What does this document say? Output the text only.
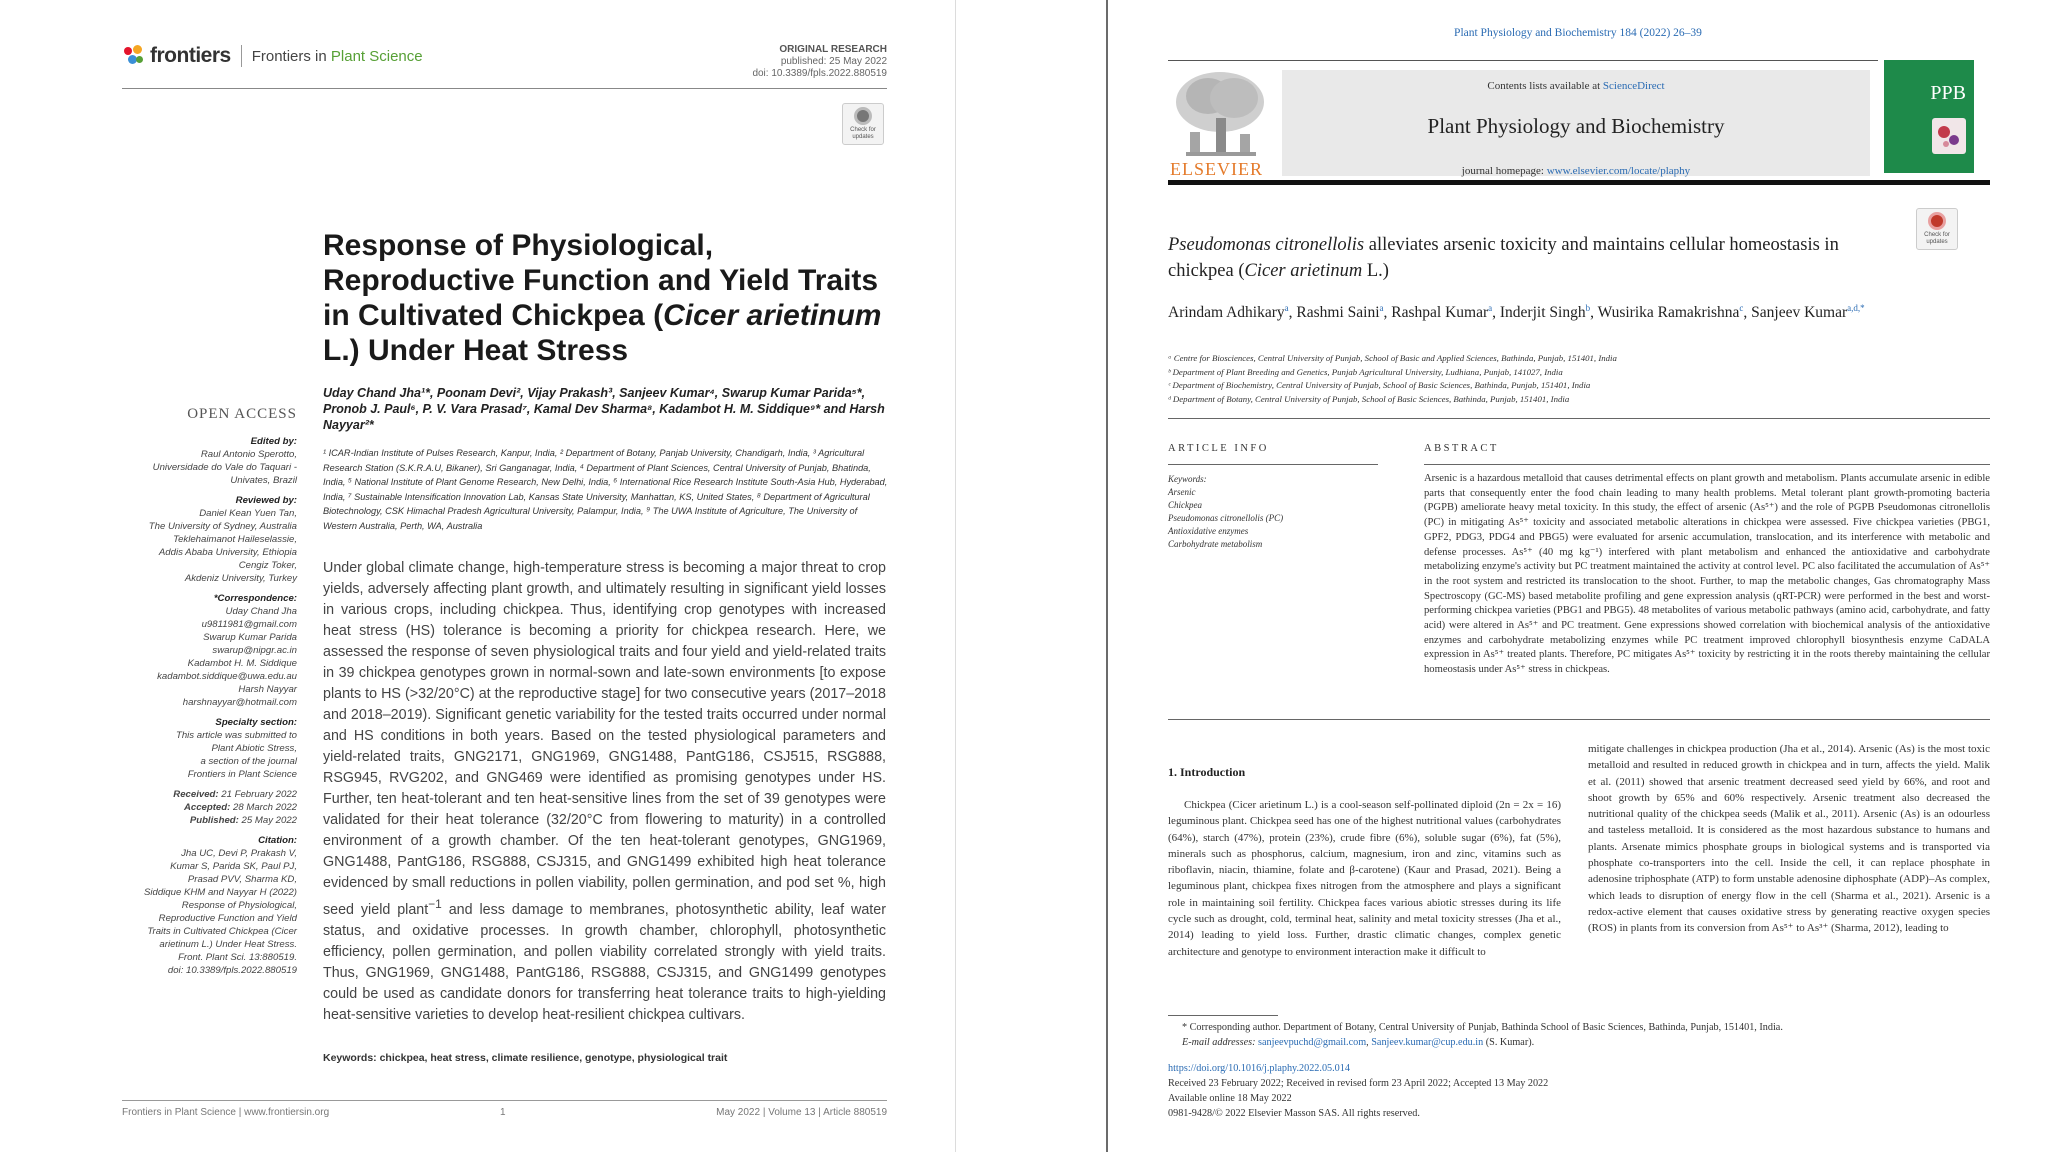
frontiers Frontiers in Plant Science	ORIGINAL RESEARCH
published: 25 May 2022
doi: 10.3389/fpls.2022.880519
Check for updates
Response of Physiological, Reproductive Function and Yield Traits in Cultivated Chickpea (Cicer arietinum L.) Under Heat Stress
Uday Chand Jha¹*, Poonam Devi², Vijay Prakash³, Sanjeev Kumar⁴, Swarup Kumar Parida⁵*, Pronob J. Paul⁶, P. V. Vara Prasad⁷, Kamal Dev Sharma⁸, Kadambot H. M. Siddique⁹* and Harsh Nayyar²*
¹ ICAR-Indian Institute of Pulses Research, Kanpur, India, ² Department of Botany, Panjab University, Chandigarh, India, ³ Agricultural Research Station (S.K.R.A.U, Bikaner), Sri Ganganagar, India, ⁴ Department of Plant Sciences, Central University of Punjab, Bhatinda, India, ⁵ National Institute of Plant Genome Research, New Delhi, India, ⁶ International Rice Research Institute South-Asia Hub, Hyderabad, India, ⁷ Sustainable Intensification Innovation Lab, Kansas State University, Manhattan, KS, United States, ⁸ Department of Agricultural Biotechnology, CSK Himachal Pradesh Agricultural University, Palampur, India, ⁹ The UWA Institute of Agriculture, The University of Western Australia, Perth, WA, Australia

Under global climate change, high-temperature stress is becoming a major threat to crop yields, adversely affecting plant growth, and ultimately resulting in significant yield losses in various crops, including chickpea. Thus, identifying crop genotypes with increased heat stress (HS) tolerance is becoming a priority for chickpea research. Here, we assessed the response of seven physiological traits and four yield and yield-related traits in 39 chickpea genotypes grown in normal-sown and late-sown environments [to expose plants to HS (>32/20°C) at the reproductive stage] for two consecutive years (2017–2018 and 2018–2019). Significant genetic variability for the tested traits occurred under normal and HS conditions in both years. Based on the tested physiological parameters and yield-related traits, GNG2171, GNG1969, GNG1488, PantG186, CSJ515, RSG888, RSG945, RVG202, and GNG469 were identified as promising genotypes under HS. Further, ten heat-tolerant and ten heat-sensitive lines from the set of 39 genotypes were validated for their heat tolerance (32/20°C from flowering to maturity) in a controlled environment of a growth chamber. Of the ten heat-tolerant genotypes, GNG1969, GNG1488, PantG186, RSG888, CSJ315, and GNG1499 exhibited high heat tolerance evidenced by small reductions in pollen viability, pollen germination, and pod set %, high seed yield plant$^{-1}$ and less damage to membranes, photosynthetic ability, leaf water status, and oxidative processes. In growth chamber, chlorophyll, photosynthetic efficiency, pollen germination, and pollen viability correlated strongly with yield traits. Thus, GNG1969, GNG1488, PantG186, RSG888, CSJ315, and GNG1499 genotypes could be used as candidate donors for transferring heat tolerance traits to high-yielding heat-sensitive varieties to develop heat-resilient chickpea cultivars.

Keywords: chickpea, heat stress, climate resilience, genotype, physiological trait
OPEN ACCESS
Edited by:
Raul Antonio Sperotto,
Universidade do Vale do Taquari -
Univates, Brazil
Reviewed by:
Daniel Kean Yuen Tan,
The University of Sydney, Australia
Teklehaimanot Haileselassie,
Addis Ababa University, Ethiopia
Cengiz Toker,
Akdeniz University, Turkey
*Correspondence:
Uday Chand Jha
u9811981@gmail.com
Swarup Kumar Parida
swarup@nipgr.ac.in
Kadambot H. M. Siddique
kadambot.siddique@uwa.edu.au
Harsh Nayyar
harshnayyar@hotmail.com
Specialty section:
This article was submitted to
Plant Abiotic Stress,
a section of the journal
Frontiers in Plant Science
Received: 21 February 2022
Accepted: 28 March 2022
Published: 25 May 2022
Citation:
Jha UC, Devi P, Prakash V,
Kumar S, Parida SK, Paul PJ,
Prasad PVV, Sharma KD,
Siddique KHM and Nayyar H (2022)
Response of Physiological,
Reproductive Function and Yield
Traits in Cultivated Chickpea (Cicer
arietinum L.) Under Heat Stress.
Front. Plant Sci. 13:880519.
doi: 10.3389/fpls.2022.880519
Frontiers in Plant Science | www.frontiersin.org	1	May 2022 | Volume 13 | Article 880519
Plant Physiology and Biochemistry 184 (2022) 26–39
ELSEVIER
Contents lists available at ScienceDirect
Plant Physiology and Biochemistry
journal homepage: www.elsevier.com/locate/plaphy
PPB
Check for updates
Pseudomonas citronellolis alleviates arsenic toxicity and maintains cellular homeostasis in chickpea (Cicer arietinum L.)
Arindam Adhikary$^a$, Rashmi Saini$^a$, Rashpal Kumar$^a$, Inderjit Singh$^b$, Wusirika Ramakrishna$^c$, Sanjeev Kumar$^{a,d,*}$
ᵃ Centre for Biosciences, Central University of Punjab, School of Basic and Applied Sciences, Bathinda, Punjab, 151401, India
ᵇ Department of Plant Breeding and Genetics, Punjab Agricultural University, Ludhiana, Punjab, 141027, India
ᶜ Department of Biochemistry, Central University of Punjab, School of Basic Sciences, Bathinda, Punjab, 151401, India
ᵈ Department of Botany, Central University of Punjab, School of Basic Sciences, Bathinda, Punjab, 151401, India
ARTICLE INFO
Keywords:
Arsenic
Chickpea
Pseudomonas citronellolis (PC)
Antioxidative enzymes
Carbohydrate metabolism
ABSTRACT

Arsenic is a hazardous metalloid that causes detrimental effects on plant growth and metabolism. Plants accumulate arsenic in edible parts that consequently enter the food chain leading to many health problems. Metal tolerant plant growth-promoting bacteria (PGPB) ameliorate heavy metal toxicity. In this study, the effect of arsenic (As⁵⁺) and the role of PGPB Pseudomonas citronellolis (PC) in mitigating As⁵⁺ toxicity and associated metabolic alterations in chickpea were assessed. Five chickpea varieties (PBG1, GPF2, PDG3, PDG4 and PBG5) were evaluated for arsenic accumulation, translocation, and its interference with metabolic and defense processes. As⁵⁺ (40 mg kg⁻¹) interfered with plant metabolism and enhanced the antioxidative and carbohydrate metabolizing enzyme's activity but PC treatment maintained the activity at control level. PC also facilitated the accumulation of As⁵⁺ in the root system and restricted its translocation to the shoot. Further, to map the metabolic changes, Gas chromatography Mass Spectroscopy (GC-MS) based metabolite profiling and gene expression analysis (qRT-PCR) were performed in the best and worst-performing chickpea varieties (PBG1 and PBG5). 48 metabolites of various metabolic pathways (amino acid, carbohydrate, and fatty acid) were altered in As⁵⁺ and PC treatment. Gene expressions showed correlation with biochemical analysis of the antioxidative enzymes and carbohydrate metabolizing enzymes while PC treatment improved chlorophyll biosynthesis enzyme CaDALA expression in As⁵⁺ treated plants. Therefore, PC mitigates As⁵⁺ toxicity by restricting it in the roots thereby maintaining the cellular homeostasis under As⁵⁺ stress in chickpeas.

1. Introduction

Chickpea (Cicer arietinum L.) is a cool-season self-pollinated diploid (2n = 2x = 16) leguminous plant. Chickpea seed has one of the highest nutritional values (carbohydrates (64%), starch (47%), protein (23%), crude fibre (6%), soluble sugar (6%), fat (5%), minerals such as phosphorus, calcium, magnesium, iron and zinc, vitamins such as riboflavin, niacin, thiamine, folate and β-carotene) (Kaur and Prasad, 2021). Being a leguminous plant, chickpea fixes nitrogen from the atmosphere and plays a significant role in maintaining soil fertility. Chickpea faces various abiotic stresses during its life cycle such as drought, cold, terminal heat, salinity and metal toxicity stresses (Jha et al., 2014) leading to yield loss. Further, drastic climatic changes, complex genetic architecture and genotype to environment interaction make it difficult to

mitigate challenges in chickpea production (Jha et al., 2014). Arsenic (As) is the most toxic metalloid and resulted in reduced growth in chickpea and in turn, affects the yield. Malik et al. (2011) showed that arsenic treatment decreased seed yield by 66%, and root and shoot growth by 65% and 60% respectively. Arsenic treatment also decreased the nutritional quality of the chickpea seeds (Malik et al., 2011). Arsenic (As) is an odourless and tasteless metalloid. It is considered as the most hazardous substance to humans and plants. Arsenate mimics phosphate groups in biological systems and is transported via phosphate co-transporters into the cell. Inside the cell, it can replace phosphate in adenosine triphosphate (ATP) to form unstable adenosine diphosphate (ADP)–As complex, which leads to disruption of energy flow in the cell (Sharma et al., 2021). Arsenic is a redox-active element that causes oxidative stress by generating reactive oxygen species (ROS) in plants from its conversion from As⁵⁺ to As³⁺ (Sharma, 2012), leading to

* Corresponding author. Department of Botany, Central University of Punjab, Bathinda School of Basic Sciences, Bathinda, Punjab, 151401, India.
E-mail addresses: sanjeevpuchd@gmail.com, Sanjeev.kumar@cup.edu.in (S. Kumar).
https://doi.org/10.1016/j.plaphy.2022.05.014
Received 23 February 2022; Received in revised form 23 April 2022; Accepted 13 May 2022
Available online 18 May 2022
0981-9428/© 2022 Elsevier Masson SAS. All rights reserved.
